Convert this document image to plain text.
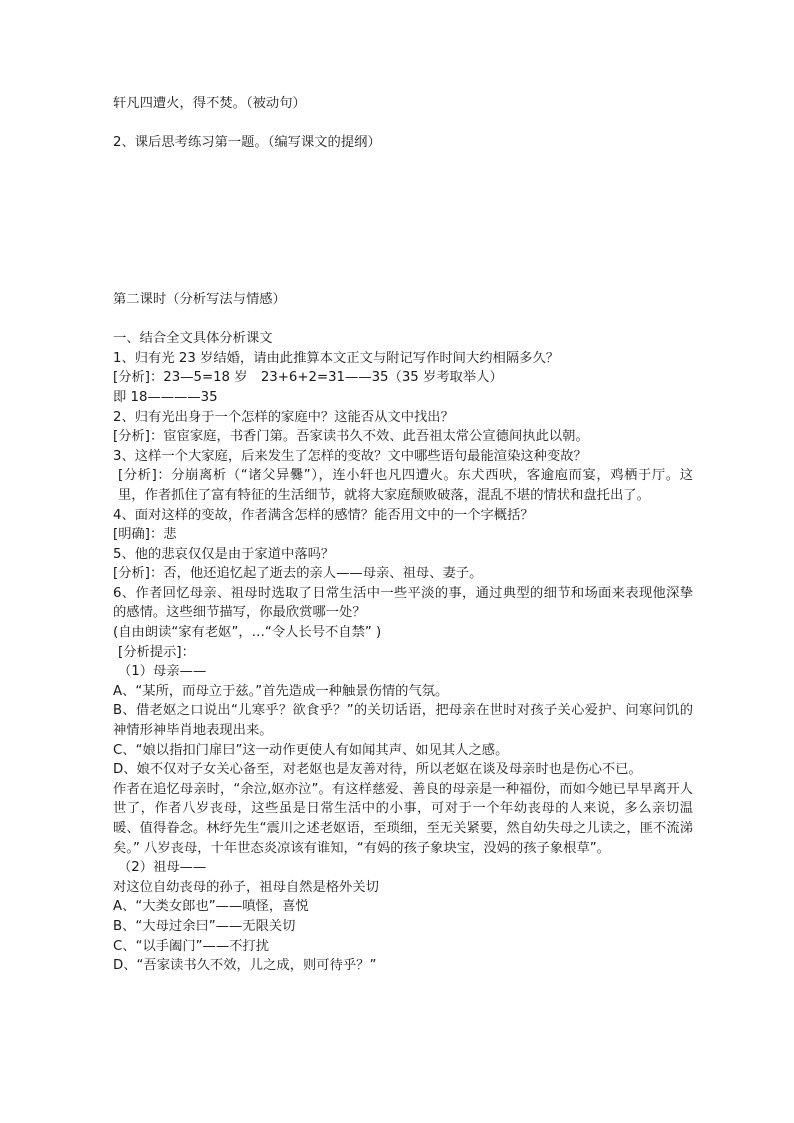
轩凡四遭火，得不焚。（被动句）
2、课后思考练习第一题。（编写课文的提纲）
第二课时（分析写法与情感）
一、结合全文具体分析课文
1、归有光 23 岁结婚，请由此推算本文正文与附记写作时间大约相隔多久？
[分析]：23—5=18 岁　23+6+2=31——35（35 岁考取举人）
即 18————35
2、归有光出身于一个怎样的家庭中？这能否从文中找出？
[分析]：宦宦家庭，书香门第。吾家读书久不效、此吾祖太常公宣德间执此以朝。
3、这样一个大家庭，后来发生了怎样的变故？文中哪些语句最能渲染这种变故？
[分析]：分崩离析（“诸父异爨”），连小轩也凡四遭火。东犬西吠，客逾庖而宴，鸡栖于厅。这里，作者抓住了富有特征的生活细节，就将大家庭颓败破落，混乱不堪的情状和盘托出了。
4、面对这样的变故，作者满含怎样的感情？能否用文中的一个字概括？
[明确]：悲
5、他的悲哀仅仅是由于家道中落吗？
[分析]：否，他还追忆起了逝去的亲人——母亲、祖母、妻子。
6、作者回忆母亲、祖母时选取了日常生活中一些平淡的事，通过典型的细节和场面来表现他深挚的感情。这些细节描写，你最欣赏哪一处？
(自由朗读“家有老妪”，…“令人长号不自禁” )
[分析提示]：
（1）母亲——
A、“某所，而母立于兹。”首先造成一种触景伤情的气氛。
B、借老妪之口说出“儿寒乎？欲食乎？”的关切话语，把母亲在世时对孩子关心爱护、问寒问饥的神情形神毕肖地表现出来。
C、“娘以指扣门扉曰”这一动作更使人有如闻其声、如见其人之感。
D、娘不仅对子女关心备至，对老妪也是友善对待，所以老妪在谈及母亲时也是伤心不已。
作者在追忆母亲时，“余泣,妪亦泣”。有这样慈爱、善良的母亲是一种福份，而如今她已早早离开人世了，作者八岁丧母，这些虽是日常生活中的小事，可对于一个年幼丧母的人来说，多么亲切温暖、值得眷念。林纾先生“震川之述老妪语，至琐细，至无关紧要，然自幼失母之儿读之，匪不流涕矣。” 八岁丧母，十年世态炎凉该有谁知，“有妈的孩子象块宝，没妈的孩子象根草”。
（2）祖母——
对这位自幼丧母的孙子，祖母自然是格外关切
A、“大类女郎也”——嗔怪，喜悦
B、“大母过余曰”——无限关切
C、“以手阖门”——不打扰
D、“吾家读书久不效，儿之成，则可待乎？”
